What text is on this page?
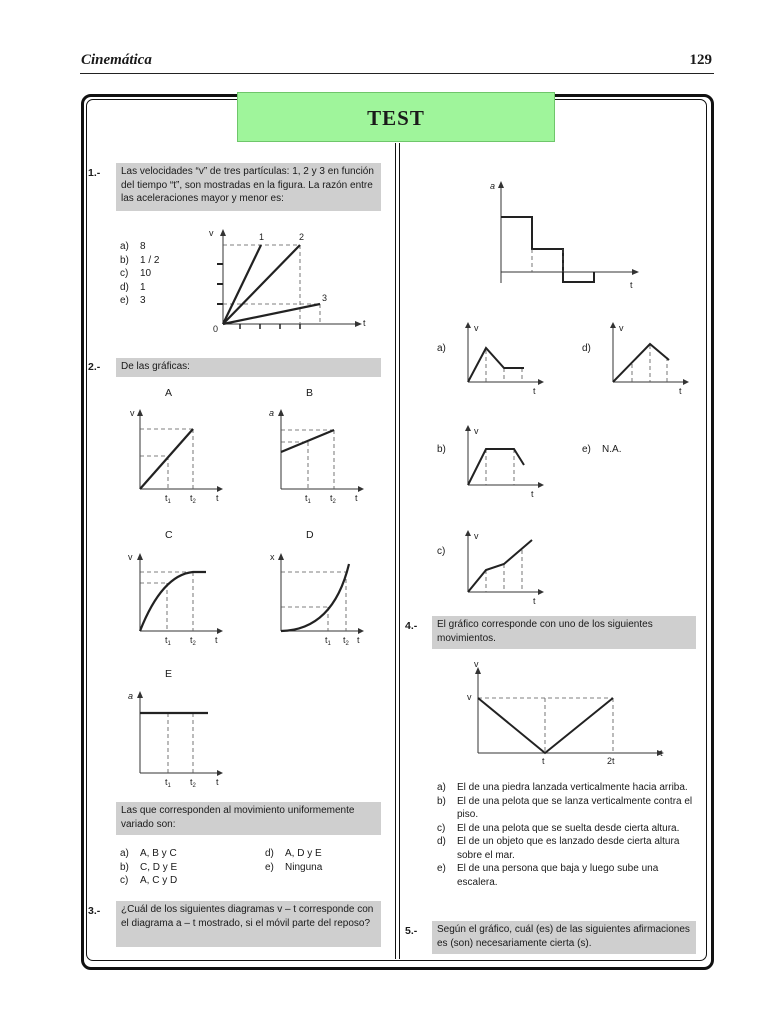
Cinemática	129
TEST
1.-	Las velocidades “v” de tres partículas: 1, 2 y 3 en función del tiempo “t”, son mostradas en la figura. La razón entre las aceleraciones mayor y menor es:
a)	8
b)	1 / 2
c)	10
d)	1
e)	3
v
0
t
1	2
3
2.-	De las gráficas:
A	B
C	D
E
v
$t_1$ $t_2$ t
a
$t_1$ $t_2$ t
v
$t_1$ $t_2$ t
x
$t_1$ $t_2$ t
a
$t_1$ $t_2$ t
Las que corresponden al movimiento uniformemente variado son:
a)	A, B y C
b)	C, D y E
c)	A, C y D
d)	A, D y E
e)	Ninguna
3.-	¿Cuál de los siguientes diagramas v – t corresponde con el diagrama a – t mostrado, si el móvil parte del reposo?
a
t
a)
v
t
d)
v
t
b)
v
t
e) N.A.
c)
v
t
4.-	El gráfico corresponde con uno de los siguientes movimientos.
v
v
t	2t
t
a)	El de una piedra lanzada verticalmente hacia arriba.
b)	El de una pelota que se lanza verticalmente contra el piso.
c)	El de una pelota que se suelta desde cierta altura.
d)	El de un objeto que es lanzado desde cierta altura sobre el mar.
e)	El de una persona que baja y luego sube una escalera.
5.-	Según el gráfico, cuál (es) de las siguientes afirmaciones es (son) necesariamente cierta (s).
